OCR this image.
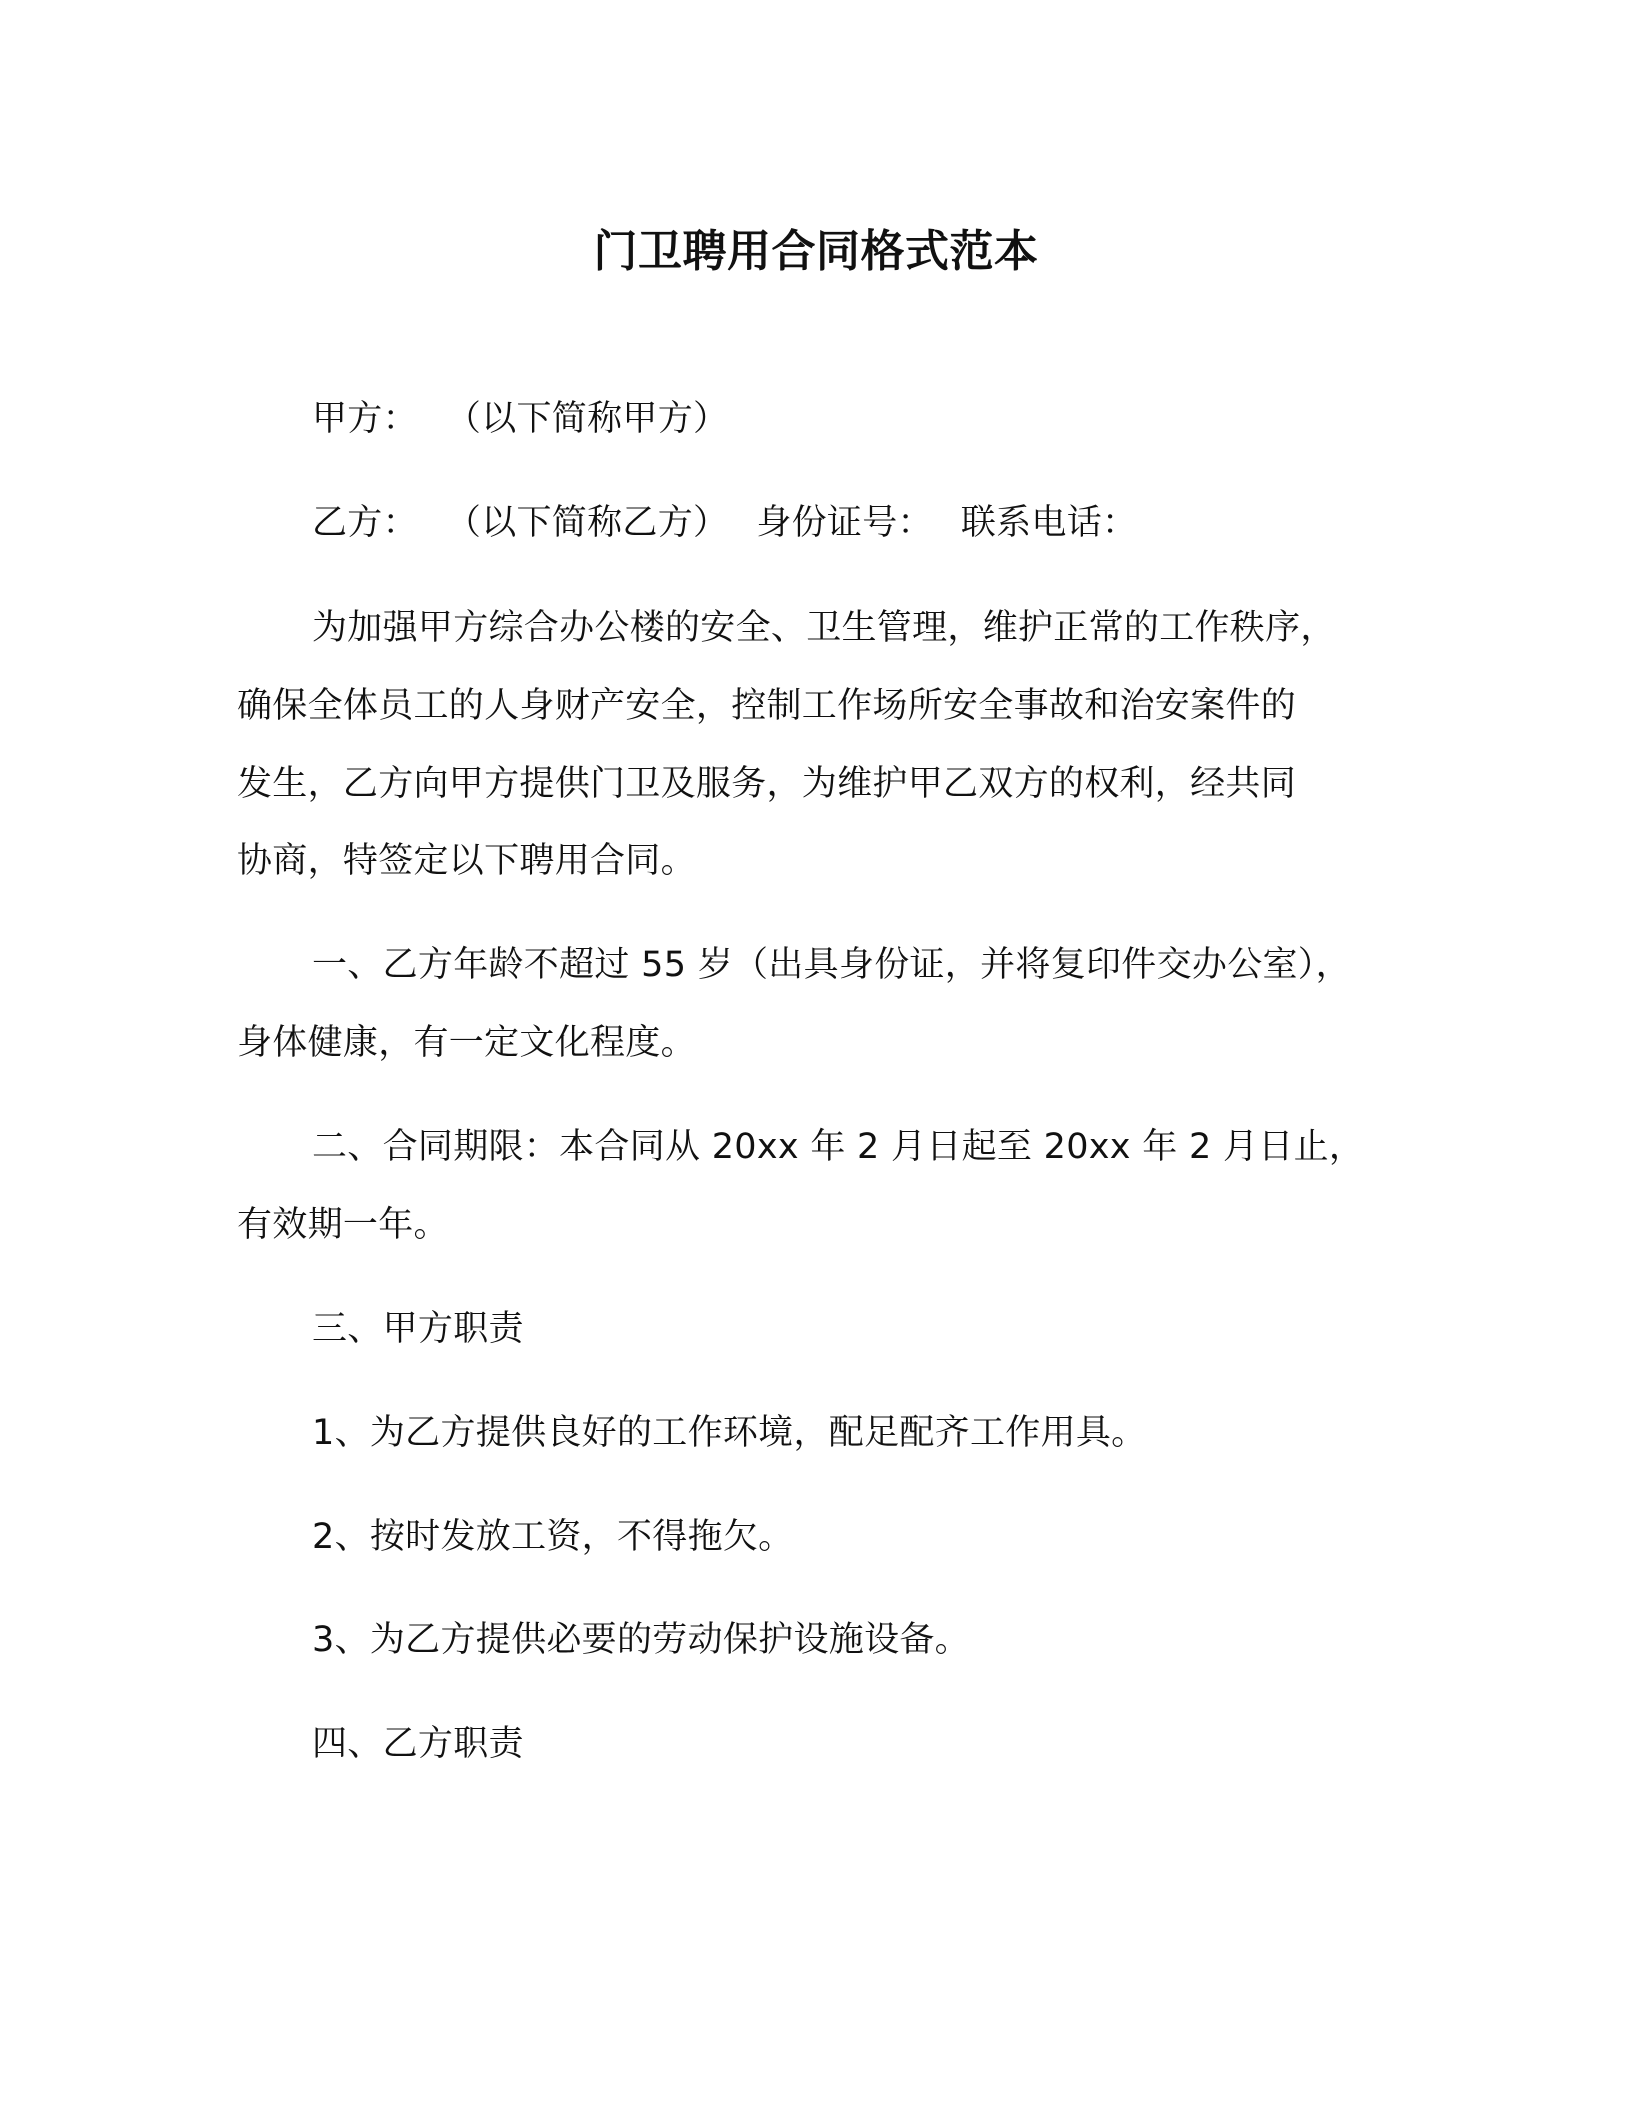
门卫聘用合同格式范本
甲方： （以下简称甲方）
乙方： （以下简称乙方） 身份证号： 联系电话：
为加强甲方综合办公楼的安全、卫生管理，维护正常的工作秩序，
确保全体员工的人身财产安全，控制工作场所安全事故和治安案件的
发生，乙方向甲方提供门卫及服务，为维护甲乙双方的权利，经共同
协商，特签定以下聘用合同。
一、乙方年龄不超过 55 岁（出具身份证，并将复印件交办公室），
身体健康，有一定文化程度。
二、合同期限：本合同从 20xx 年 2 月日起至 20xx 年 2 月日止，
有效期一年。
三、甲方职责
1、为乙方提供良好的工作环境，配足配齐工作用具。
2、按时发放工资，不得拖欠。
3、为乙方提供必要的劳动保护设施设备。
四、乙方职责
